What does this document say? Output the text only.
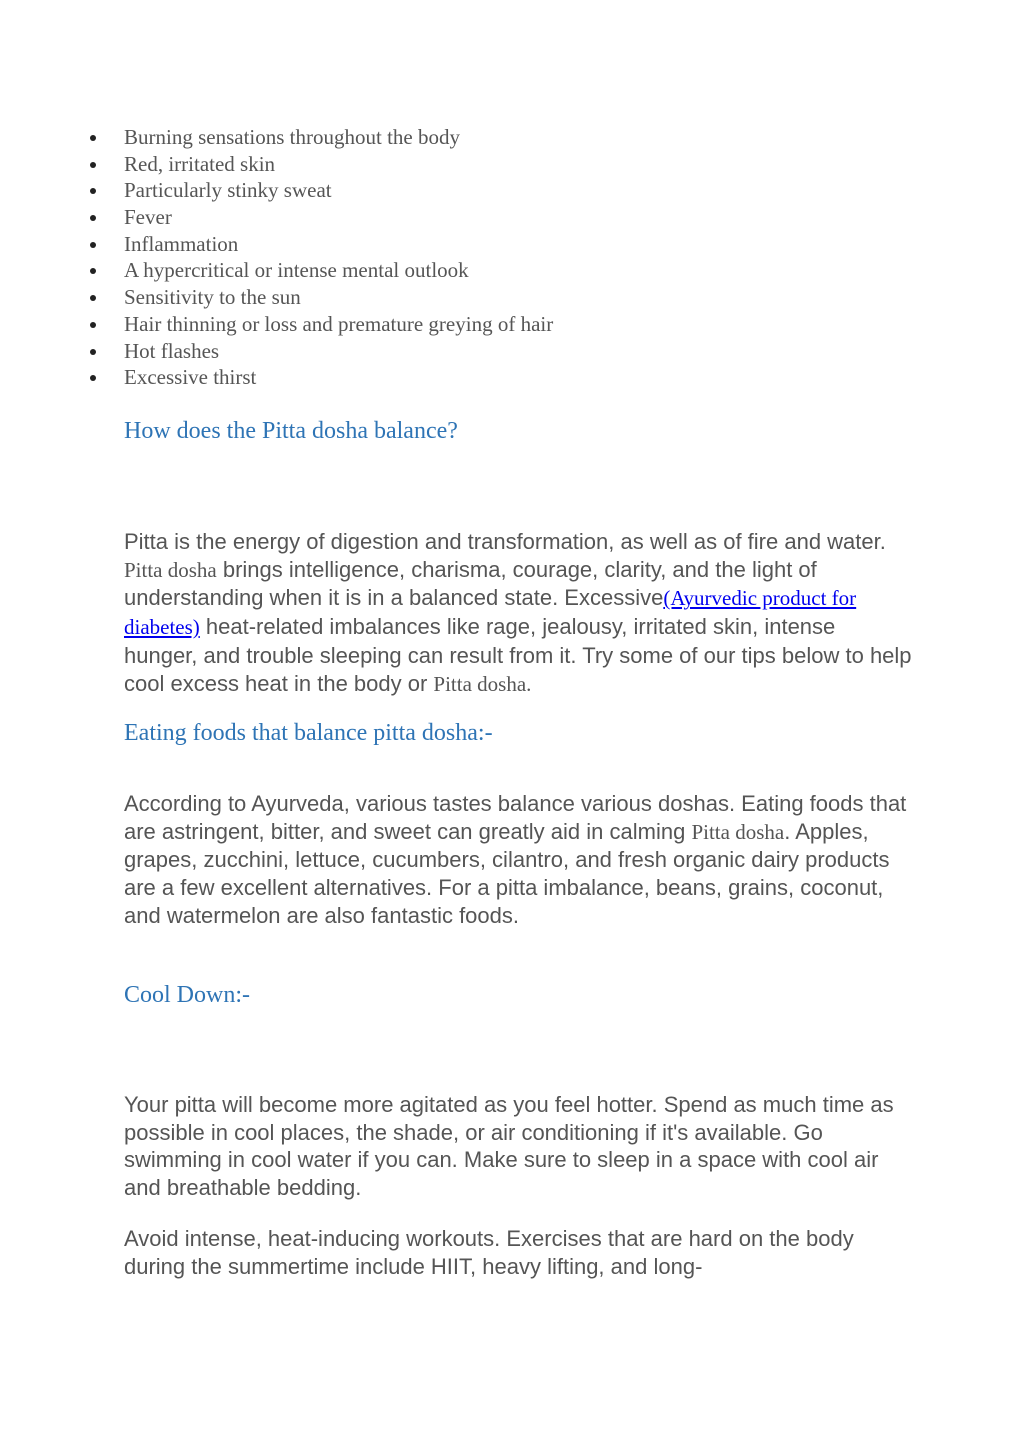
Burning sensations throughout the body
Red, irritated skin
Particularly stinky sweat
Fever
Inflammation
A hypercritical or intense mental outlook
Sensitivity to the sun
Hair thinning or loss and premature greying of hair
Hot flashes
Excessive thirst
How does the Pitta dosha balance?

Pitta is the energy of digestion and transformation, as well as of fire and water. Pitta dosha brings intelligence, charisma, courage, clarity, and the light of understanding when it is in a balanced state. Excessive(Ayurvedic product for diabetes) heat-related imbalances like rage, jealousy, irritated skin, intense hunger, and trouble sleeping can result from it. Try some of our tips below to help cool excess heat in the body or Pitta dosha.

Eating foods that balance pitta dosha:-

According to Ayurveda, various tastes balance various doshas. Eating foods that are astringent, bitter, and sweet can greatly aid in calming Pitta dosha. Apples, grapes, zucchini, lettuce, cucumbers, cilantro, and fresh organic dairy products are a few excellent alternatives. For a pitta imbalance, beans, grains, coconut, and watermelon are also fantastic foods.

Cool Down:-

Your pitta will become more agitated as you feel hotter. Spend as much time as possible in cool places, the shade, or air conditioning if it's available. Go swimming in cool water if you can. Make sure to sleep in a space with cool air and breathable bedding.

Avoid intense, heat-inducing workouts. Exercises that are hard on the body during the summertime include HIIT, heavy lifting, and long-
